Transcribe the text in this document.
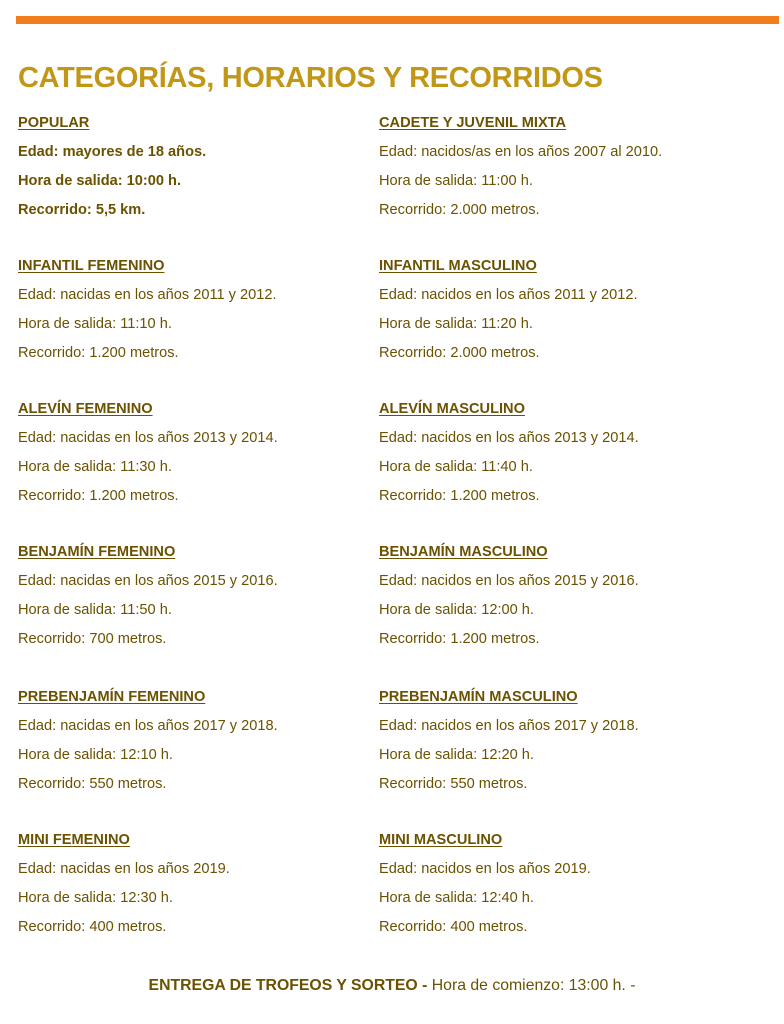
CATEGORÍAS, HORARIOS Y RECORRIDOS
POPULAR
Edad: mayores de 18 años.
Hora de salida: 10:00 h.
Recorrido: 5,5 km.
CADETE Y JUVENIL MIXTA
Edad: nacidos/as en los años 2007 al 2010.
Hora de salida: 11:00 h.
Recorrido: 2.000 metros.
INFANTIL FEMENINO
Edad: nacidas en los años 2011 y 2012.
Hora de salida: 11:10 h.
Recorrido: 1.200 metros.
INFANTIL MASCULINO
Edad: nacidos en los años 2011 y 2012.
Hora de salida: 11:20 h.
Recorrido: 2.000 metros.
ALEVÍN FEMENINO
Edad: nacidas en los años 2013 y 2014.
Hora de salida: 11:30 h.
Recorrido: 1.200 metros.
ALEVÍN MASCULINO
Edad: nacidos en los años 2013 y 2014.
Hora de salida: 11:40 h.
Recorrido: 1.200 metros.
BENJAMÍN FEMENINO
Edad: nacidas en los años 2015 y 2016.
Hora de salida: 11:50 h.
Recorrido: 700 metros.
BENJAMÍN MASCULINO
Edad: nacidos en los años 2015 y 2016.
Hora de salida: 12:00 h.
Recorrido: 1.200 metros.
PREBENJAMÍN FEMENINO
Edad: nacidas en los años 2017 y 2018.
Hora de salida: 12:10 h.
Recorrido: 550 metros.
PREBENJAMÍN MASCULINO
Edad: nacidos en los años 2017 y 2018.
Hora de salida: 12:20 h.
Recorrido: 550 metros.
MINI FEMENINO
Edad: nacidas en los años 2019.
Hora de salida: 12:30 h.
Recorrido: 400 metros.
MINI MASCULINO
Edad: nacidos en los años 2019.
Hora de salida: 12:40 h.
Recorrido: 400 metros.
ENTREGA DE TROFEOS Y SORTEO - Hora de comienzo: 13:00 h. -
